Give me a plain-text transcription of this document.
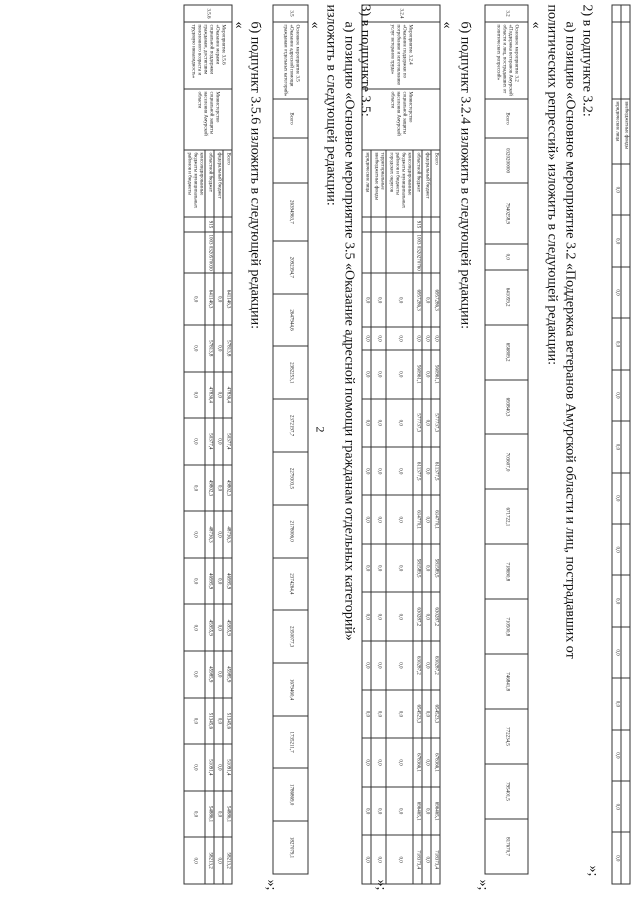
2
		внебюджетные фонды														
		юридические лица	0,0	0,0	0,0	0,0	0,0	0,0	0,0	0,0	0,0	0,0	0,0	0,0	0,0	0,0
»;
2) в подпункте 3.2:
а) позицию «Основное мероприятие 3.2 «Поддержка ветеранов Амурской области и лиц, пострадавших от
политических репрессий» изложить в следующей редакции:
«
3.2	Основное мероприятие 3.2 «Поддержка ветеранов Амурской области и лиц, пострадавших от политических репрессий»	Всего	0320200000	7940258,9	0,0	641059,2	656809,2	693840,3	703607,0	671722,1	718690,8	710500,8	746841,8	772234,5	795401,5	817670,7
»;
б) подпункт 3.2.4 изложить в следующей редакции:
«
3.2.4	Мероприятие 3.2.4 «Оказание поддержки по погребению и изготовлению услуг ветеранов труда»	Министерство социальной защиты населения Амурской области	Всего			6957286,3	0,0	560961,1	577737,3	611377,5	614770,1	581589,5	630287,2	630287,2	654523,3	678366,1	696465,1	718373,4
			федеральный бюджет			0,0	0,0	0,0	0,0	0,0	0,0	0,0	0,0	0,0	0,0	0,0	0,0	0,0
			областной бюджет	915	1003 0320270760	6957286,3	0,0	560961,1	577737,3	611377,5	614770,1	581589,5	630287,2	630287,2	654523,3	678366,1	696465,1	718373,4
			консолидированные бюджеты муниципальных районов и бюджеты городских округов			0,0	0,0	0,0	0,0	0,0	0,0	0,0	0,0	0,0	0,0	0,0	0,0	0,0
			территориальные внебюджетные фонды			0,0	0,0	0,0	0,0	0,0	0,0	0,0	0,0	0,0	0,0	0,0	0,0	0,0
			юридические лица			0,0	0,0	0,0	0,0	0,0	0,0	0,0	0,0	0,0	0,0	0,0	0,0	0,0
»;
3) в подпункте 3.5:
а) позицию «Основное мероприятие 3.5 «Оказание адресной помощи гражданам отдельных категорий»
изложить в следующей редакции:
«
3.5	Основное мероприятие 3.5 «Оказание адресной помощи гражданам отдельных категорий»	Всего		26394963,7	2092394,7	2647944,6	2382253,1	2372197,7	2279303,5	2178006,0	2374264,4	2350077,3	1679460,4	1735211,7	1786869,0	1827079,1
»;
б) подпункт 3.5.6 изложить в следующей редакции:
«
3.5.6	Мероприятие 3.5.6 «Оказание мерами социальной поддержки гражданам, достигшим пенсионного возраста и трудовую инвалидность»	Министерство социальной защиты населения Амурской области	Всего			641146,3	57813,8	47836,4	50377,4	49802,3	48736,3	46995,9	45955,9	45985,9	51345,6	51091,4	54886,1	58213,2
			федеральный бюджет			0,0	0,0	0,0	0,0	0,0	0,0	0,0	0,0	0,0	0,0	0,0	0,0	0,0
			областной бюджет	915	1003 0320570030	641146,3	57813,8	47836,4	50377,4	49802,3	48736,3	46995,9	45955,9	45985,9	51345,6	51091,4	54886,1	58213,2
			консолидированные бюджеты муниципальных районов и бюджеты			0,0	0,0	0,0	0,0	0,0	0,0	0,0	0,0	0,0	0,0	0,0	0,0	0,0
